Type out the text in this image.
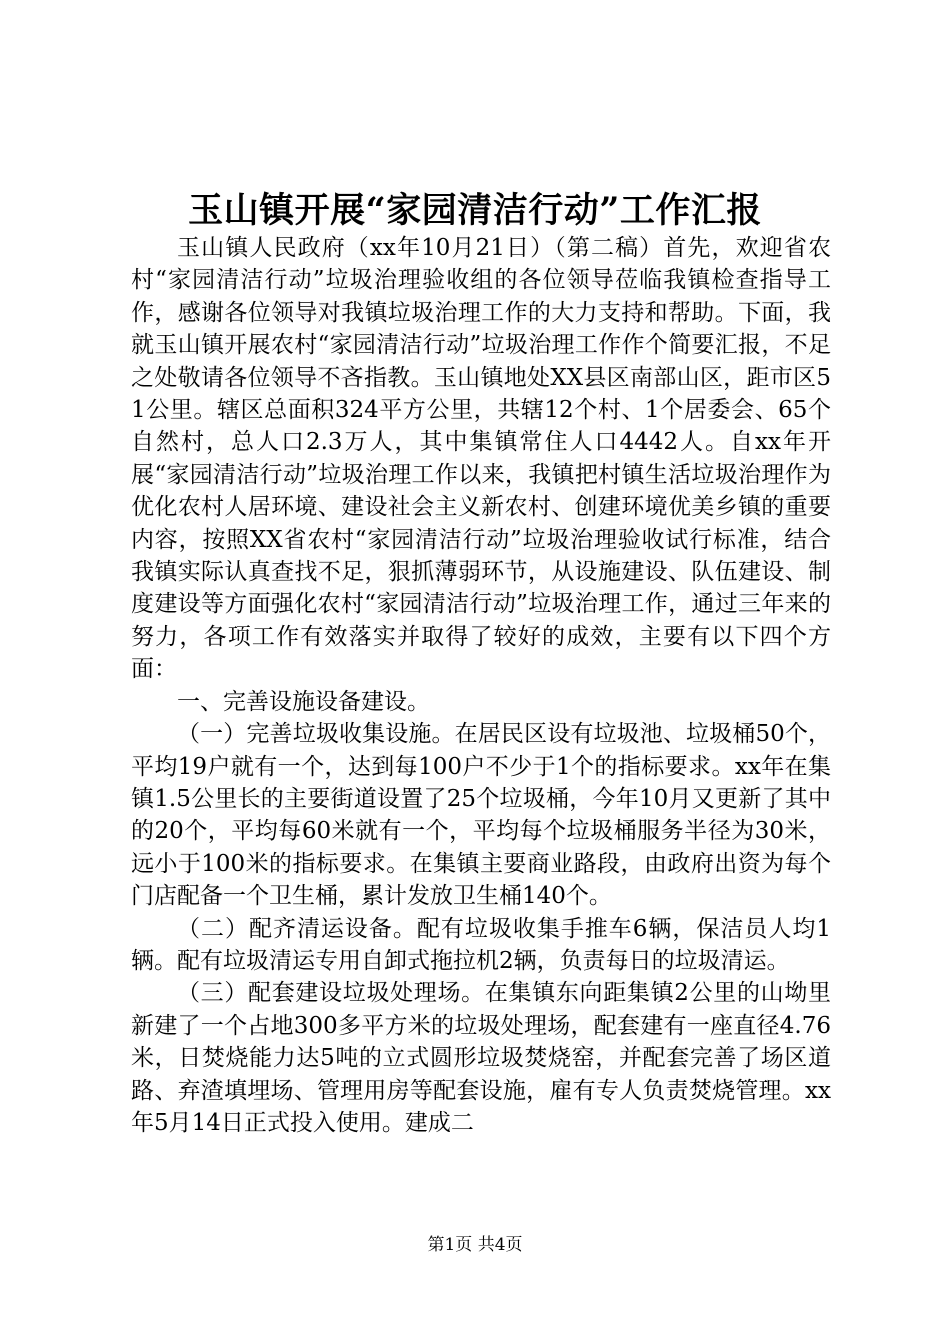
玉山镇开展“家园清洁行动”工作汇报

玉山镇人民政府（xx年10月21日）（第二稿）首先，欢迎省农村“家园清洁行动”垃圾治理验收组的各位领导莅临我镇检查指导工作，感谢各位领导对我镇垃圾治理工作的大力支持和帮助。下面，我就玉山镇开展农村“家园清洁行动”垃圾治理工作作个简要汇报，不足之处敬请各位领导不吝指教。玉山镇地处XX县区南部山区，距市区51公里。辖区总面积324平方公里，共辖12个村、1个居委会、65个自然村，总人口2.3万人，其中集镇常住人口4442人。自xx年开展“家园清洁行动”垃圾治理工作以来，我镇把村镇生活垃圾治理作为优化农村人居环境、建设社会主义新农村、创建环境优美乡镇的重要内容，按照XX省农村“家园清洁行动”垃圾治理验收试行标准，结合我镇实际认真查找不足，狠抓薄弱环节，从设施建设、队伍建设、制度建设等方面强化农村“家园清洁行动”垃圾治理工作，通过三年来的努力，各项工作有效落实并取得了较好的成效，主要有以下四个方面：

一、完善设施设备建设。

（一）完善垃圾收集设施。在居民区设有垃圾池、垃圾桶50个，平均19户就有一个，达到每100户不少于1个的指标要求。xx年在集镇1.5公里长的主要街道设置了25个垃圾桶，今年10月又更新了其中的20个，平均每60米就有一个，平均每个垃圾桶服务半径为30米，远小于100米的指标要求。在集镇主要商业路段，由政府出资为每个门店配备一个卫生桶，累计发放卫生桶140个。

（二）配齐清运设备。配有垃圾收集手推车6辆，保洁员人均1辆。配有垃圾清运专用自卸式拖拉机2辆，负责每日的垃圾清运。

（三）配套建设垃圾处理场。在集镇东向距集镇2公里的山坳里新建了一个占地300多平方米的垃圾处理场，配套建有一座直径4.76米，日焚烧能力达5吨的立式圆形垃圾焚烧窑，并配套完善了场区道路、弃渣填埋场、管理用房等配套设施，雇有专人负责焚烧管理。xx年5月14日正式投入使用。建成二

第1页 共4页
